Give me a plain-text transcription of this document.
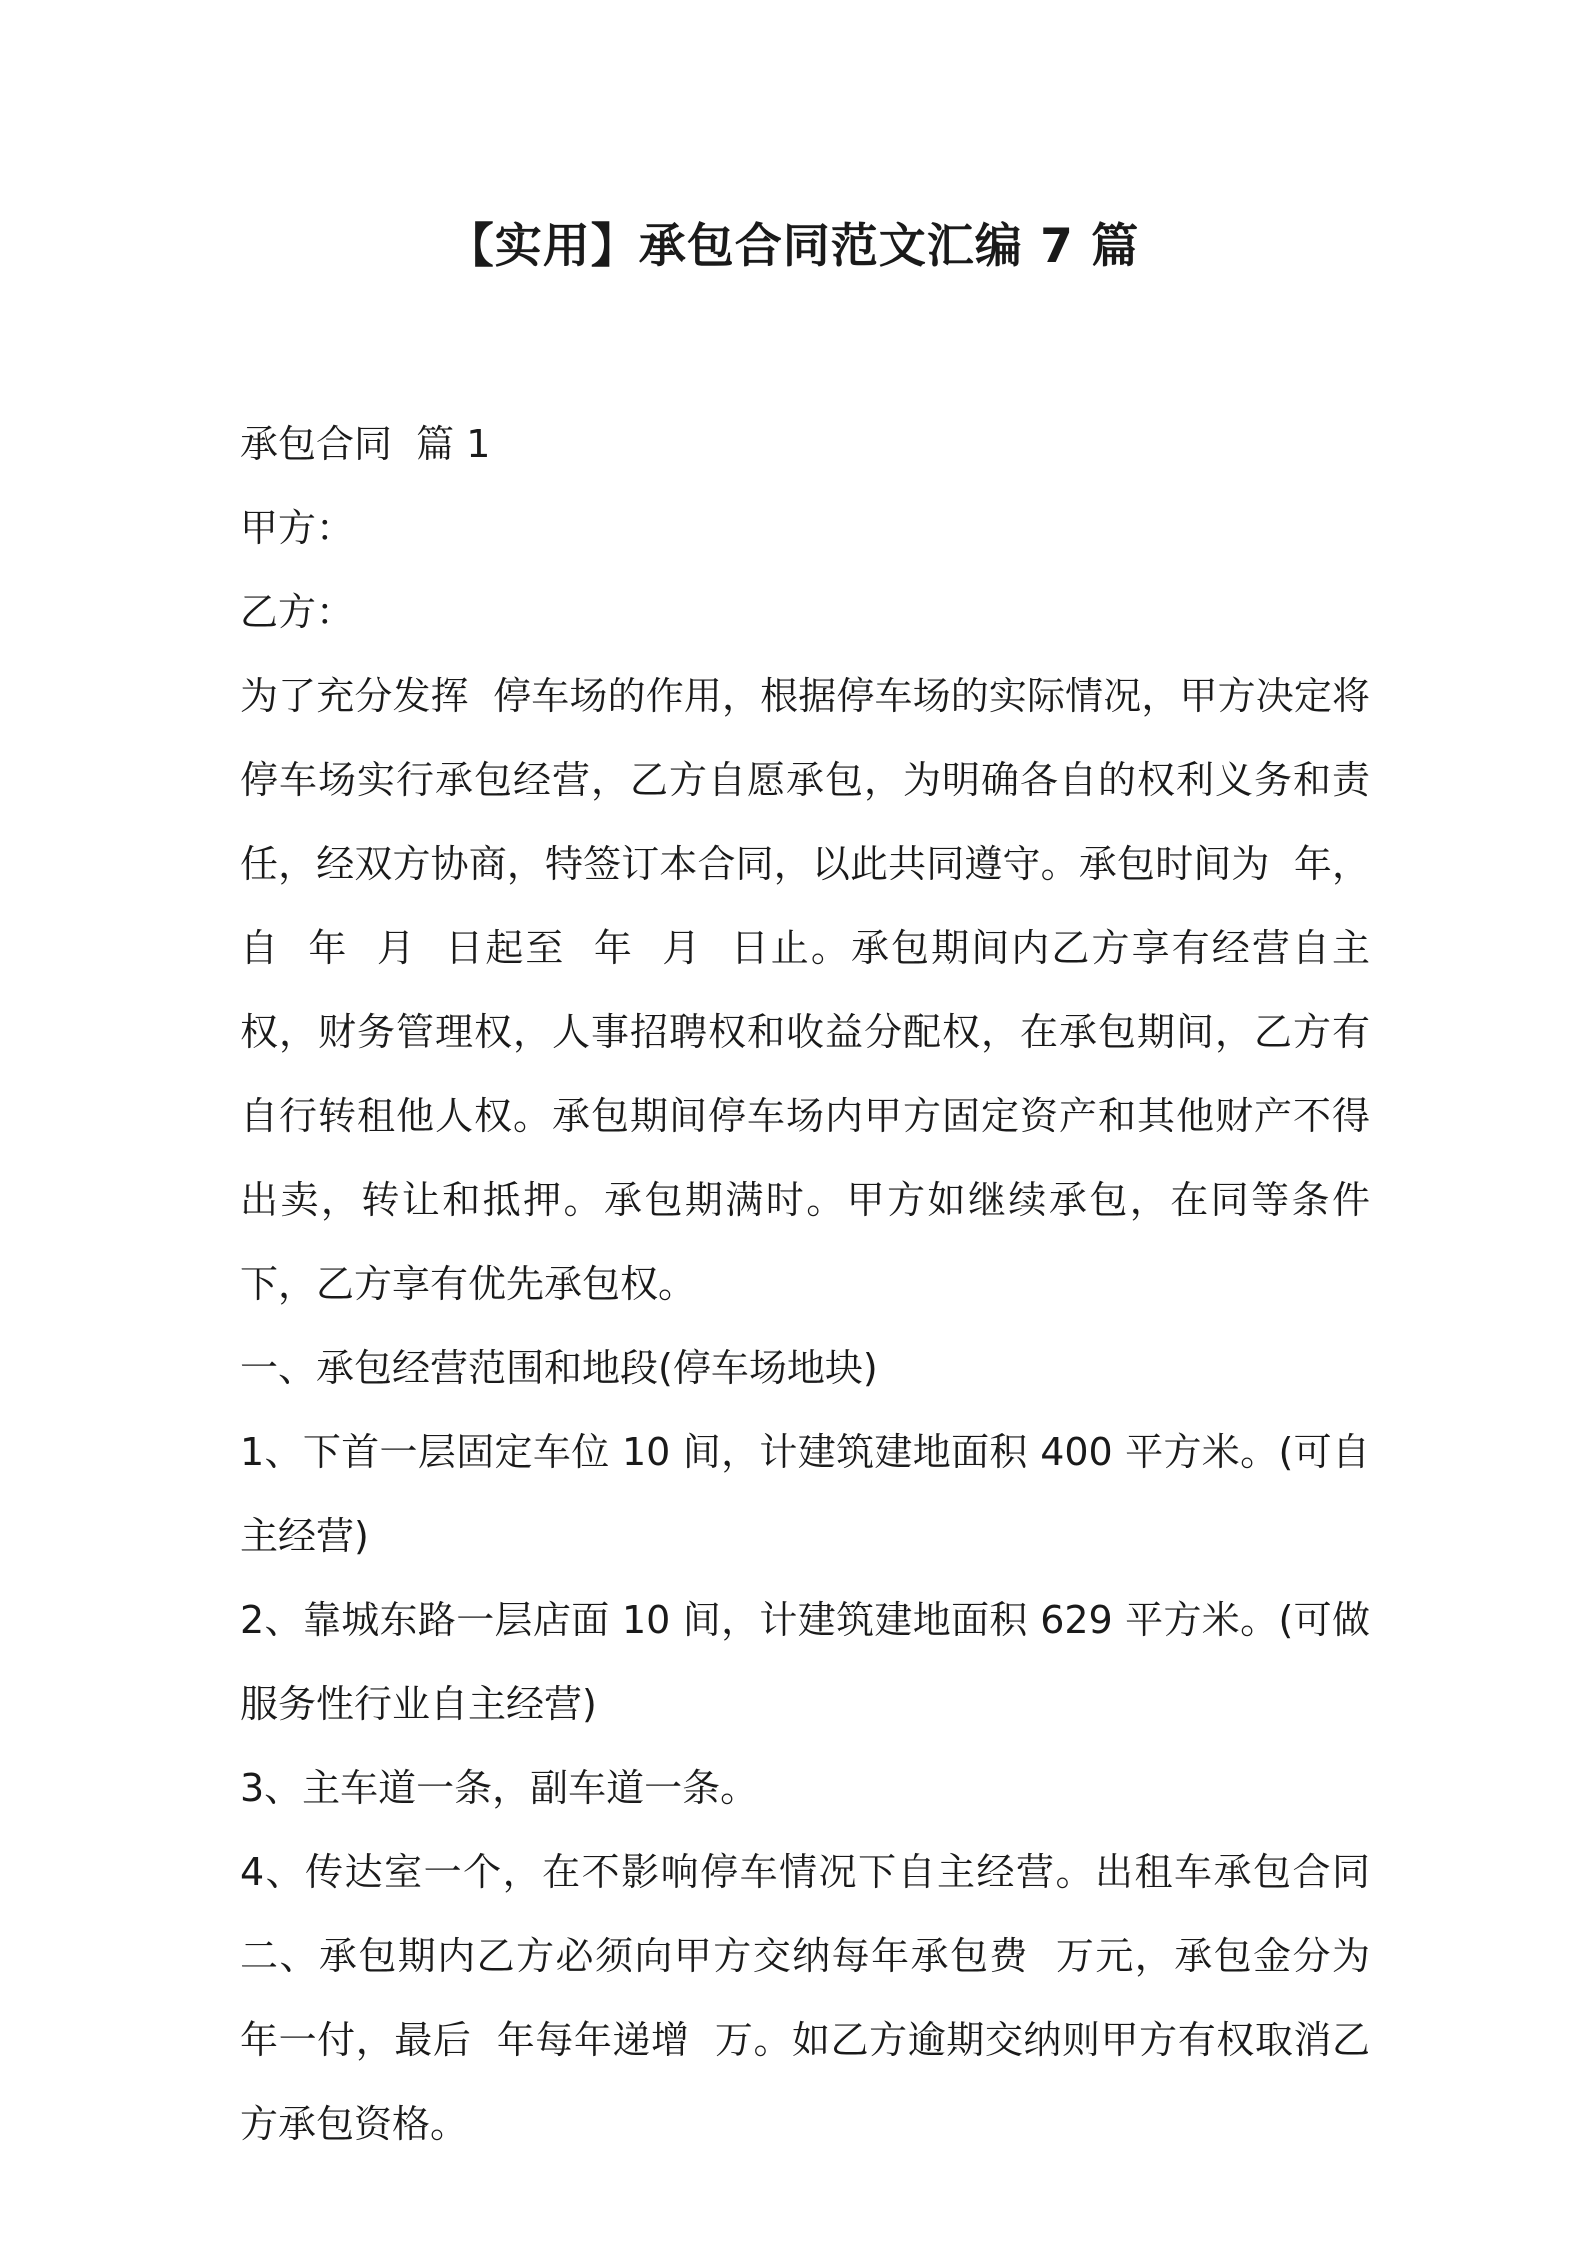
【实用】承包合同范文汇编 7 篇

承包合同  篇 1

甲方：

乙方：

为了充分发挥  停车场的作用，根据停车场的实际情况，甲方决定将停车场实行承包经营，乙方自愿承包，为明确各自的权利义务和责任，经双方协商，特签订本合同，以此共同遵守。承包时间为  年，自  年  月  日起至  年  月  日止。承包期间内乙方享有经营自主权，财务管理权，人事招聘权和收益分配权，在承包期间，乙方有自行转租他人权。承包期间停车场内甲方固定资产和其他财产不得出卖，转让和抵押。承包期满时。甲方如继续承包，在同等条件下，乙方享有优先承包权。

一、承包经营范围和地段(停车场地块)

1、下首一层固定车位 10 间，计建筑建地面积 400 平方米。(可自主经营)

2、靠城东路一层店面 10 间，计建筑建地面积 629 平方米。(可做服务性行业自主经营)

3、主车道一条，副车道一条。

4、传达室一个，在不影响停车情况下自主经营。出租车承包合同二、承包期内乙方必须向甲方交纳每年承包费  万元，承包金分为  年一付，最后  年每年递增  万。如乙方逾期交纳则甲方有权取消乙方承包资格。
